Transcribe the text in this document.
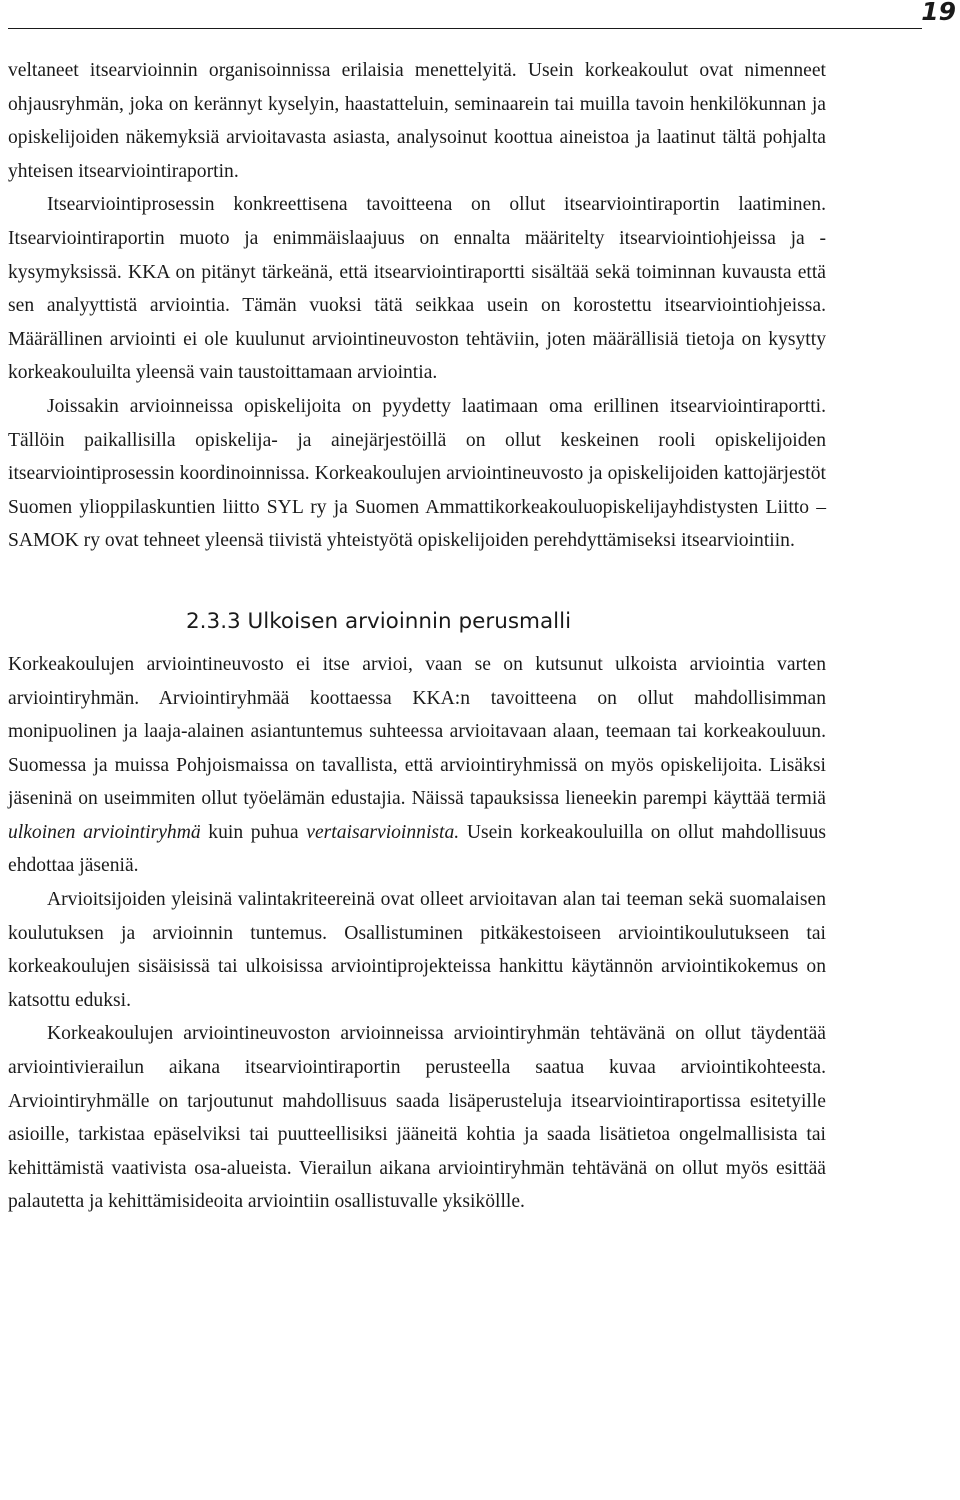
19

veltaneet itsearvioinnin organisoinnissa erilaisia menettelyitä. Usein korkeakoulut ovat nimenneet ohjausryhmän, joka on kerännyt kyselyin, haastatteluin, seminaarein tai muilla tavoin henkilökunnan ja opiskelijoiden näkemyksiä arvioitavasta asiasta, analysoinut koottua aineistoa ja laatinut tältä pohjalta yhteisen itsearviointiraportin.

Itsearviointiprosessin konkreettisena tavoitteena on ollut itsearviointiraportin laatiminen. Itsearviointiraportin muoto ja enimmäislaajuus on ennalta määritelty itsearviointiohjeissa ja -kysymyksissä. KKA on pitänyt tärkeänä, että itsearviointiraportti sisältää sekä toiminnan kuvausta että sen analyyttistä arviointia. Tämän vuoksi tätä seikkaa usein on korostettu itsearviointiohjeissa. Määrällinen arviointi ei ole kuulunut arviointineuvoston tehtäviin, joten määrällisiä tietoja on kysytty korkeakouluilta yleensä vain taustoittamaan arviointia.

Joissakin arvioinneissa opiskelijoita on pyydetty laatimaan oma erillinen itsearviointiraportti. Tällöin paikallisilla opiskelija- ja ainejärjestöillä on ollut keskeinen rooli opiskelijoiden itsearviointiprosessin koordinoinnissa. Korkeakoulujen arviointineuvosto ja opiskelijoiden kattojärjestöt Suomen ylioppilaskuntien liitto SYL ry ja Suomen Ammattikorkeakouluopiskelijayhdistysten Liitto – SAMOK ry ovat tehneet yleensä tiivistä yhteistyötä opiskelijoiden perehdyttämiseksi itsearviointiin.

2.3.3 Ulkoisen arvioinnin perusmalli

Korkeakoulujen arviointineuvosto ei itse arvioi, vaan se on kutsunut ulkoista arviointia varten arviointiryhmän. Arviointiryhmää koottaessa KKA:n tavoitteena on ollut mahdollisimman monipuolinen ja laaja-alainen asiantuntemus suhteessa arvioitavaan alaan, teemaan tai korkeakouluun. Suomessa ja muissa Pohjoismaissa on tavallista, että arviointiryhmissä on myös opiskelijoita. Lisäksi jäseninä on useimmiten ollut työelämän edustajia. Näissä tapauksissa lieneekin parempi käyttää termiä ulkoinen arviointiryhmä kuin puhua vertaisarvioinnista. Usein korkeakouluilla on ollut mahdollisuus ehdottaa jäseniä.

Arvioitsijoiden yleisinä valintakriteereinä ovat olleet arvioitavan alan tai teeman sekä suomalaisen koulutuksen ja arvioinnin tuntemus. Osallistuminen pitkäkestoiseen arviointikoulutukseen tai korkeakoulujen sisäisissä tai ulkoisissa arviointiprojekteissa hankittu käytännön arviointikokemus on katsottu eduksi.

Korkeakoulujen arviointineuvoston arvioinneissa arviointiryhmän tehtävänä on ollut täydentää arviointivierailun aikana itsearviointiraportin perusteella saatua kuvaa arviointikohteesta. Arviointiryhmälle on tarjoutunut mahdollisuus saada lisäperusteluja itsearviointiraportissa esitetyille asioille, tarkistaa epäselviksi tai puutteellisiksi jääneitä kohtia ja saada lisätietoa ongelmallisista tai kehittämistä vaativista osa-alueista. Vierailun aikana arviointiryhmän tehtävänä on ollut myös esittää palautetta ja kehittämisideoita arviointiin osallistuvalle yksiköllle.
